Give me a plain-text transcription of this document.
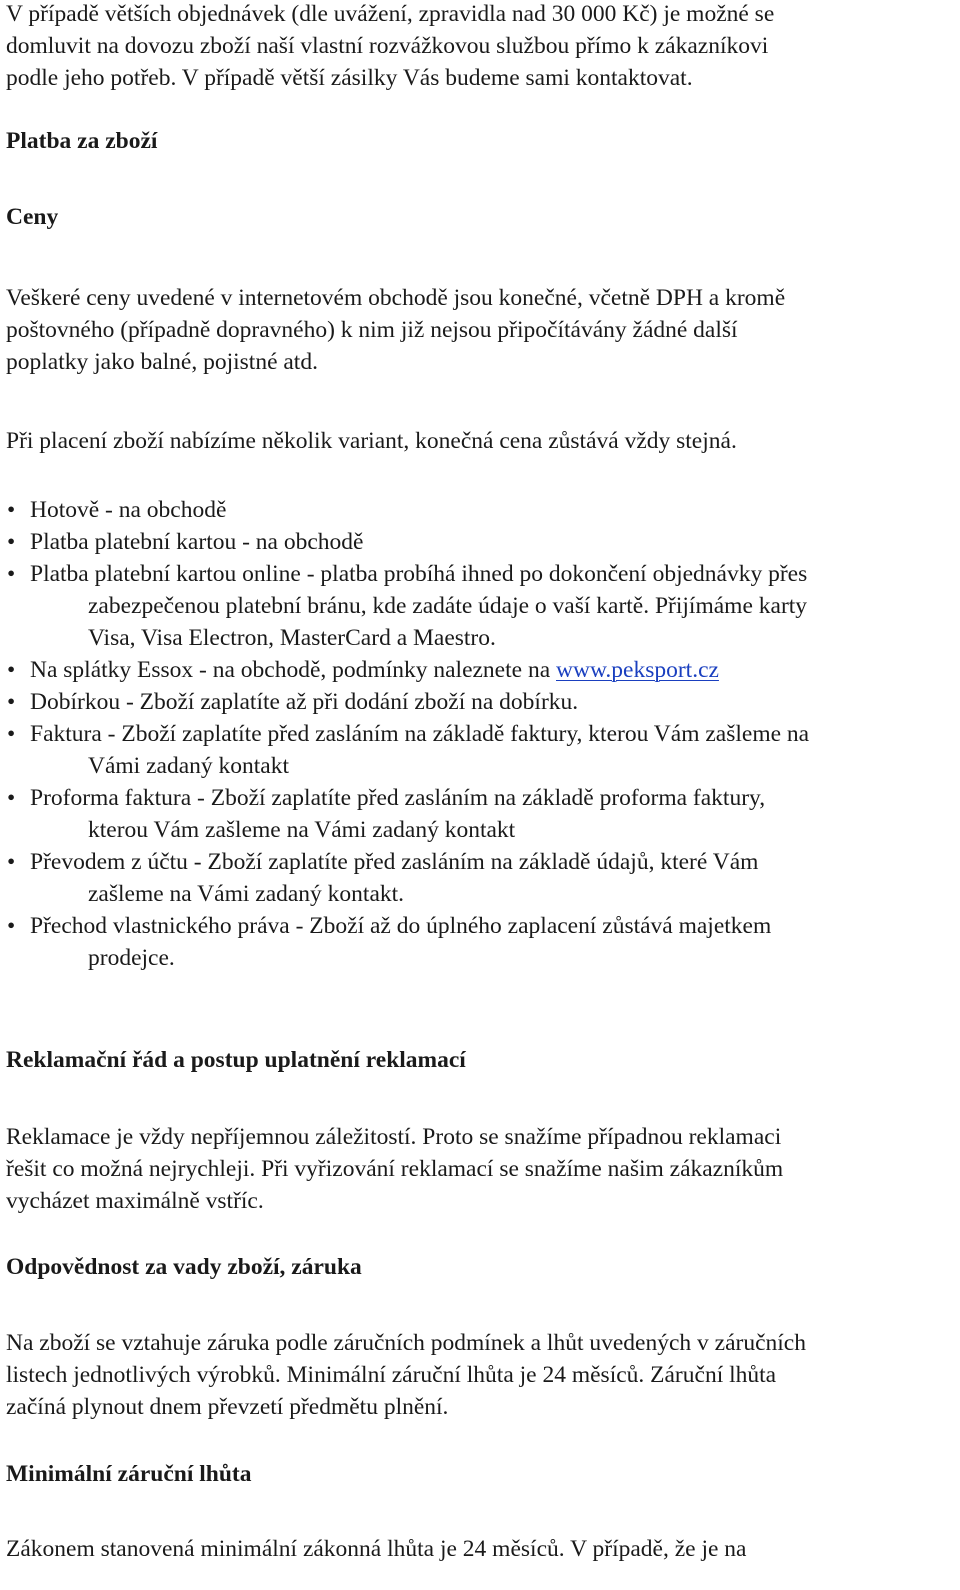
V případě větších objednávek (dle uvážení, zpravidla nad 30 000 Kč) je možné se
domluvit na dovozu zboží naší vlastní rozvážkovou službou přímo k zákazníkovi
podle jeho potřeb. V případě větší zásilky Vás budeme sami kontaktovat.

Platba za zboží
Ceny

Veškeré ceny uvedené v internetovém obchodě jsou konečné, včetně DPH a kromě
poštovného (případně dopravného) k nim již nejsou připočítávány žádné další
poplatky jako balné, pojistné atd.

Při placení zboží nabízíme několik variant, konečná cena zůstává vždy stejná.

• Hotově - na obchodě
• Platba platební kartou - na obchodě
• Platba platební kartou online - platba probíhá ihned po dokončení objednávky přes
zabezpečenou platební bránu, kde zadáte údaje o vaší kartě. Přijímáme karty
Visa, Visa Electron, MasterCard a Maestro.
• Na splátky Essox - na obchodě, podmínky naleznete na www.peksport.cz
• Dobírkou - Zboží zaplatíte až při dodání zboží na dobírku.
• Faktura - Zboží zaplatíte před zasláním na základě faktury, kterou Vám zašleme na
Vámi zadaný kontakt
• Proforma faktura - Zboží zaplatíte před zasláním na základě proforma faktury,
kterou Vám zašleme na Vámi zadaný kontakt
• Převodem z účtu - Zboží zaplatíte před zasláním na základě údajů, které Vám
zašleme na Vámi zadaný kontakt.
• Přechod vlastnického práva - Zboží až do úplného zaplacení zůstává majetkem
prodejce.
Reklamační řád a postup uplatnění reklamací

Reklamace je vždy nepříjemnou záležitostí. Proto se snažíme případnou reklamaci
řešit co možná nejrychleji. Při vyřizování reklamací se snažíme našim zákazníkům
vycházet maximálně vstříc.

Odpovědnost za vady zboží, záruka

Na zboží se vztahuje záruka podle záručních podmínek a lhůt uvedených v záručních
listech jednotlivých výrobků. Minimální záruční lhůta je 24 měsíců. Záruční lhůta
začíná plynout dnem převzetí předmětu plnění.

Minimální záruční lhůta

Zákonem stanovená minimální zákonná lhůta je 24 měsíců. V případě, že je na
